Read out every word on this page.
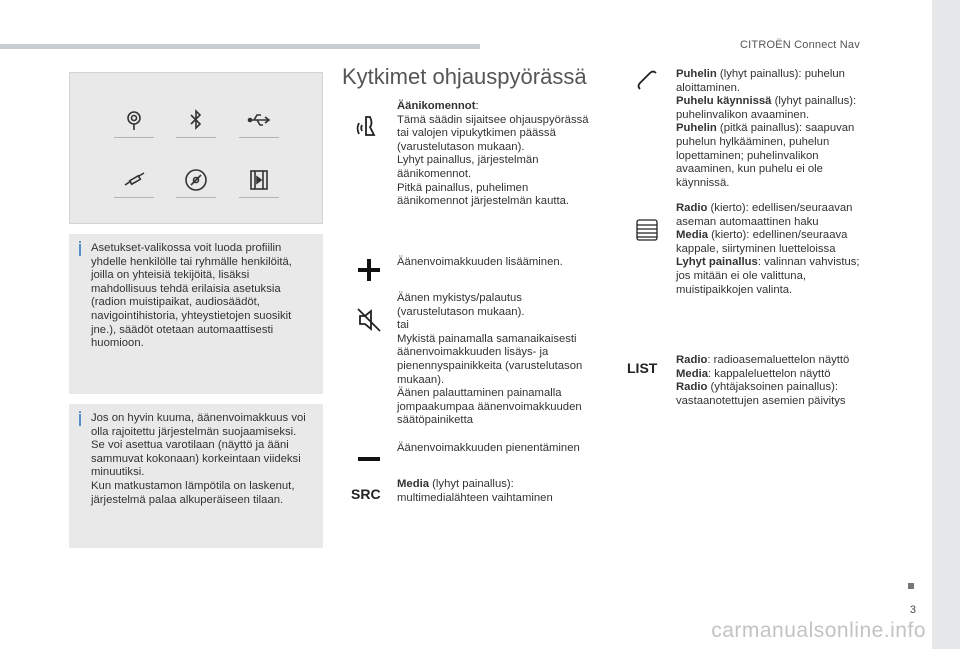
CITROËN Connect Nav

Asetukset-valikossa voit luoda profiilin yhdelle henkilölle tai ryhmälle henkilöitä, joilla on yhteisiä tekijöitä, lisäksi mahdollisuus tehdä erilaisia asetuksia (radion muistipaikat, audiosäädöt, navigointihistoria, yhteystietojen suosikit jne.), säädöt otetaan automaattisesti huomioon.

Jos on hyvin kuuma, äänenvoimakkuus voi olla rajoitettu järjestelmän suojaamiseksi. Se voi asettua varotilaan (näyttö ja ääni sammuvat kokonaan) korkeintaan viideksi minuutiksi.
Kun matkustamon lämpötila on laskenut, järjestelmä palaa alkuperäiseen tilaan.

Kytkimet ohjauspyörässä
Äänikomennot:
Tämä säädin sijaitsee ohjauspyörässä tai valojen vipukytkimen päässä (varustelutason mukaan).
Lyhyt painallus, järjestelmän äänikomennot.
Pitkä painallus, puhelimen äänikomennot järjestelmän kautta.
Äänenvoimakkuuden lisääminen.
Äänen mykistys/palautus (varustelutason mukaan).
tai
Mykistä painamalla samanaikaisesti äänenvoimakkuuden lisäys- ja pienennyspainikkeita (varustelutason mukaan).
Äänen palauttaminen painamalla jompaakumpaa äänenvoimakkuuden säätöpainiketta
Äänenvoimakkuuden pienentäminen
SRC
Media (lyhyt painallus): multimedialähteen vaihtaminen

Puhelin (lyhyt painallus): puhelun aloittaminen.

Puhelu käynnissä (lyhyt painallus): puhelinvalikon avaaminen.

Puhelin (pitkä painallus): saapuvan puhelun hylkääminen, puhelun lopettaminen; puhelinvalikon avaaminen, kun puhelu ei ole käynnissä.

Radio (kierto): edellisen/seuraavan aseman automaattinen haku

Media (kierto): edellinen/seuraava kappale, siirtyminen luetteloissa

Lyhyt painallus: valinnan vahvistus; jos mitään ei ole valittuna, muistipaikkojen valinta.

LIST Radio: radioasemaluettelon näyttö

Media: kappaleluettelon näyttö

Radio (yhtäjaksoinen painallus): vastaanotettujen asemien päivitys

3
carmanualsonline.info
